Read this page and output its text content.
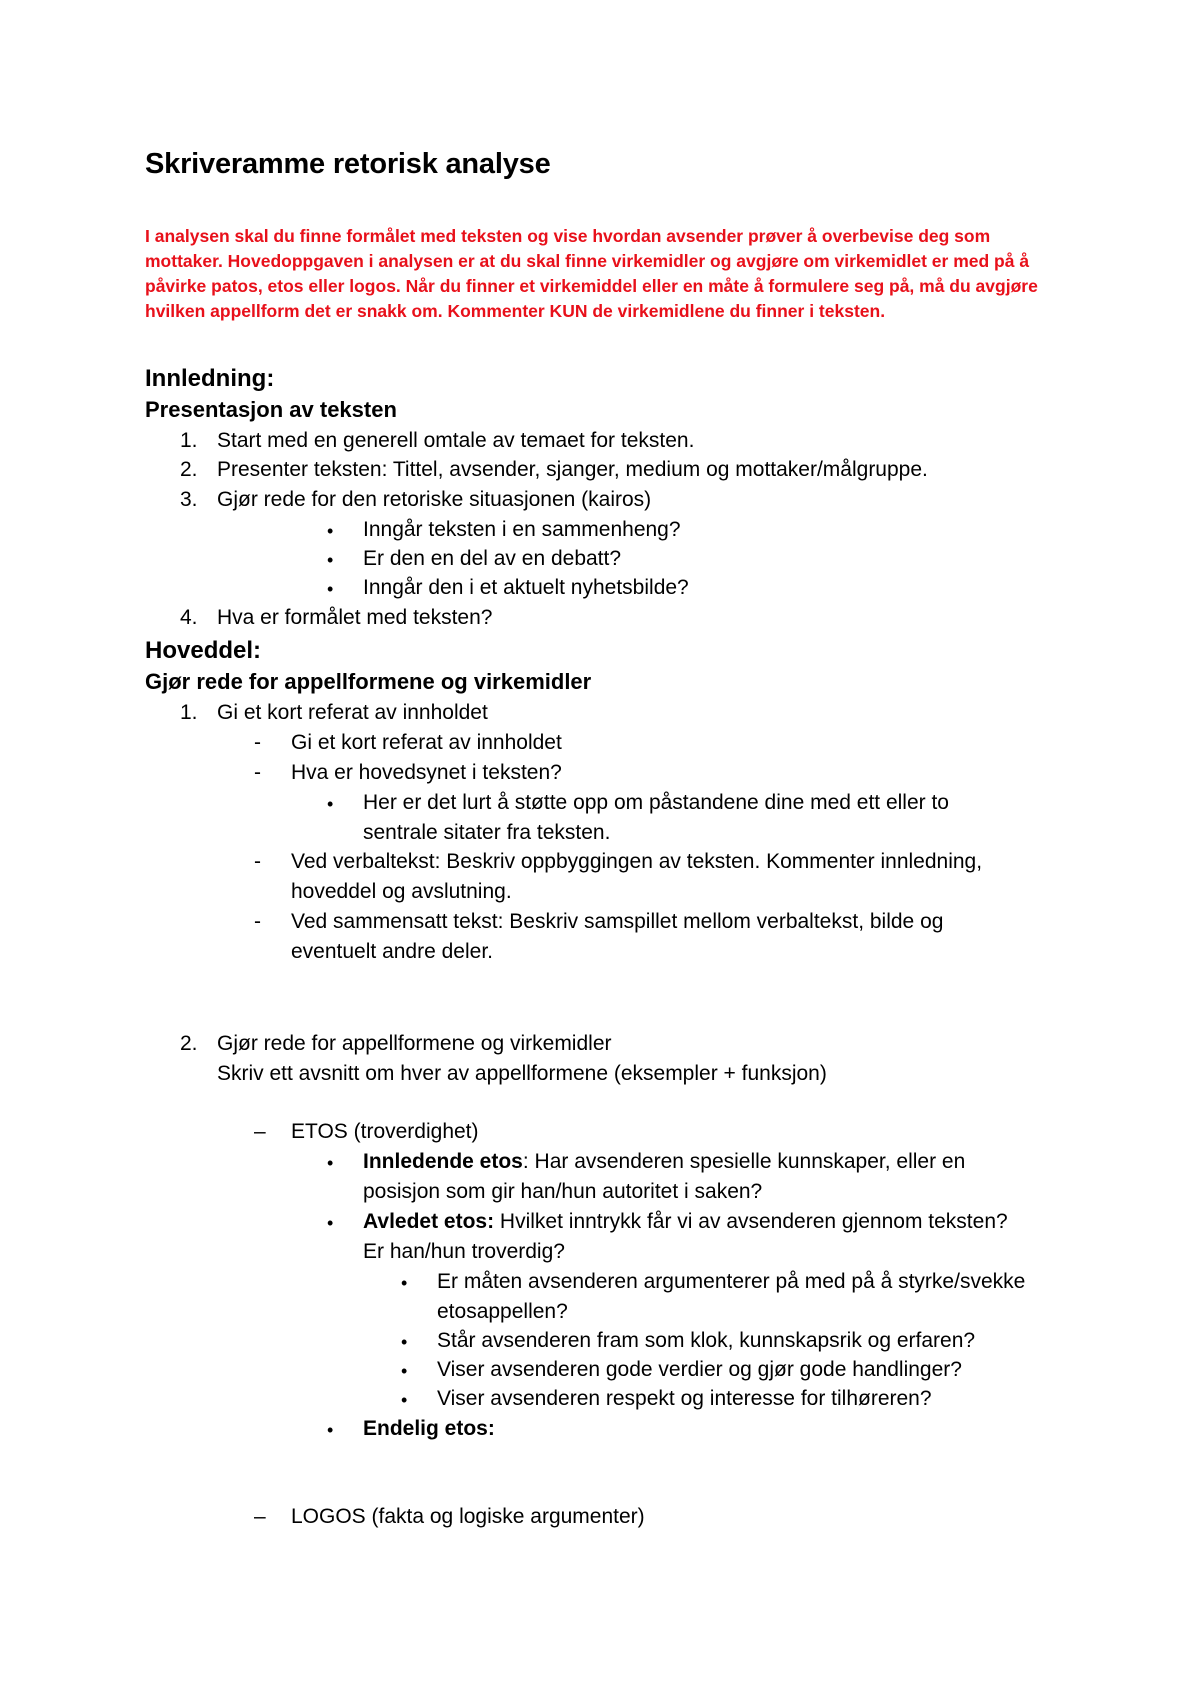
Skriveramme retorisk analyse
I analysen skal du finne formålet med teksten og vise hvordan avsender prøver å overbevise deg som
mottaker. Hovedoppgaven i analysen er at du skal finne virkemidler og avgjøre om virkemidlet er med på å
påvirke patos, etos eller logos. Når du finner et virkemiddel eller en måte å formulere seg på, må du avgjøre
hvilken appellform det er snakk om. Kommenter KUN de virkemidlene du finner i teksten.
Innledning:
Presentasjon av teksten
1. Start med en generell omtale av temaet for teksten.
2. Presenter teksten: Tittel, avsender, sjanger, medium og mottaker/målgruppe.
3. Gjør rede for den retoriske situasjonen (kairos)
• Inngår teksten i en sammenheng?
• Er den en del av en debatt?
• Inngår den i et aktuelt nyhetsbilde?
4. Hva er formålet med teksten?
Hoveddel:
Gjør rede for appellformene og virkemidler
1. Gi et kort referat av innholdet
- Gi et kort referat av innholdet
- Hva er hovedsynet i teksten?
• Her er det lurt å støtte opp om påstandene dine med ett eller to
sentrale sitater fra teksten.
- Ved verbaltekst: Beskriv oppbyggingen av teksten. Kommenter innledning,
hoveddel og avslutning.
- Ved sammensatt tekst: Beskriv samspillet mellom verbaltekst, bilde og
eventuelt andre deler.
2. Gjør rede for appellformene og virkemidler
Skriv ett avsnitt om hver av appellformene (eksempler + funksjon)
– ETOS (troverdighet)
• Innledende etos: Har avsenderen spesielle kunnskaper, eller en
posisjon som gir han/hun autoritet i saken?
• Avledet etos: Hvilket inntrykk får vi av avsenderen gjennom teksten?
Er han/hun troverdig?
• Er måten avsenderen argumenterer på med på å styrke/svekke
etosappellen?
• Står avsenderen fram som klok, kunnskapsrik og erfaren?
• Viser avsenderen gode verdier og gjør gode handlinger?
• Viser avsenderen respekt og interesse for tilhøreren?
• Endelig etos:
– LOGOS (fakta og logiske argumenter)
